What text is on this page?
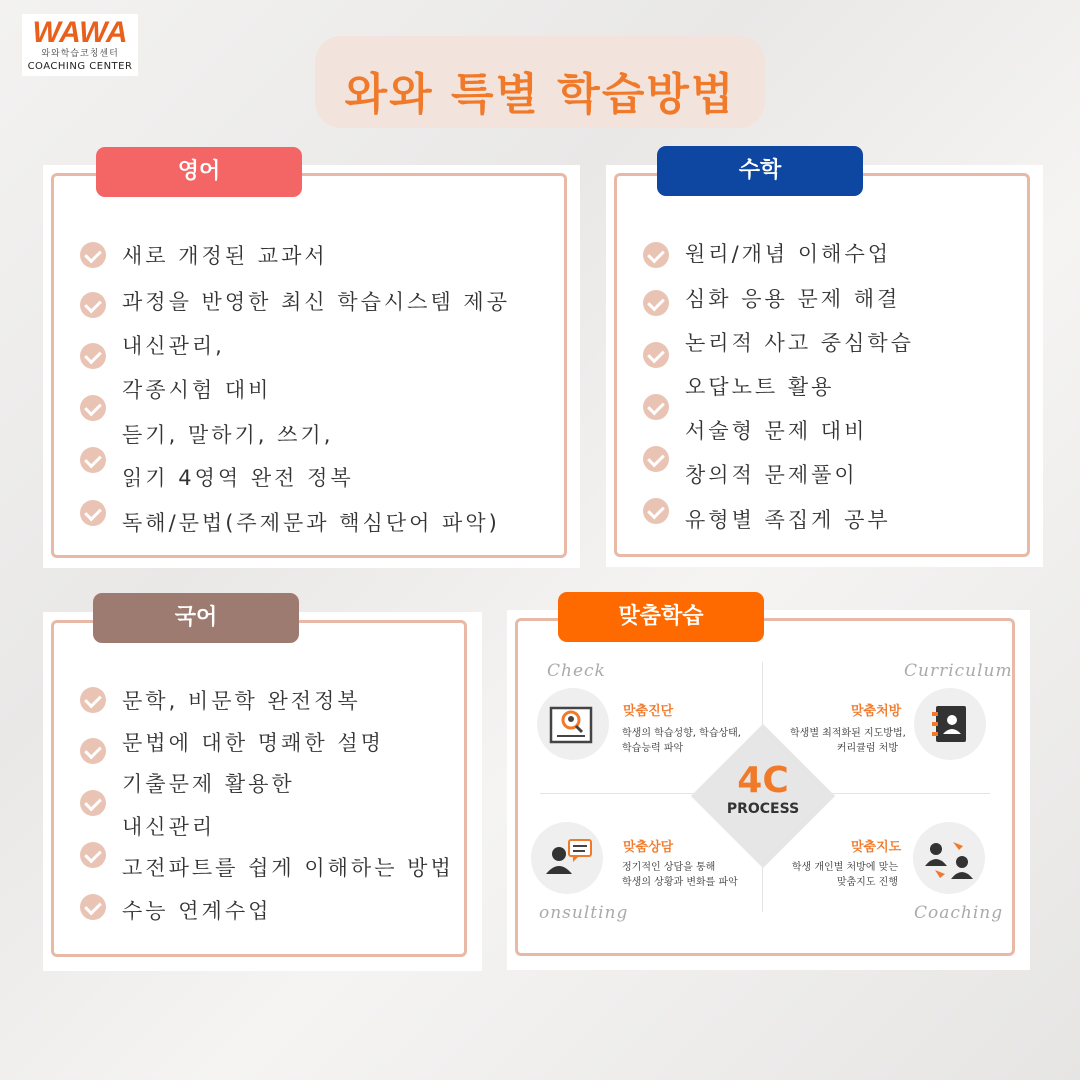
WAWA
와와학습코칭센터
COACHING CENTER
와와 특별 학습방법
영어
새로 개정된 교과서
과정을 반영한 최신 학습시스템 제공
내신관리,
각종시험 대비
듣기, 말하기, 쓰기,
읽기 4영역 완전 정복
독해/문법(주제문과 핵심단어 파악)
수학
원리/개념 이해수업
심화 응용 문제 해결
논리적 사고 중심학습
오답노트 활용
서술형 문제 대비
창의적 문제풀이
유형별 족집게 공부
국어
문학, 비문학 완전정복
문법에 대한 명쾌한 설명
기출문제 활용한
내신관리
고전파트를 쉽게 이해하는 방법
수능 연계수업
맞춤학습
Check
맞춤진단
학생의 학습성향, 학습상태,
학습능력 파악
Curriculum
맞춤처방
학생별 최적화된 지도방법,
커리큘럼 처방
4C
PROCESS
onsulting
맞춤상담
정기적인 상담을 통해
학생의 상황과 변화를 파악
Coaching
맞춤지도
학생 개인별 처방에 맞는
맞춤지도 진행
